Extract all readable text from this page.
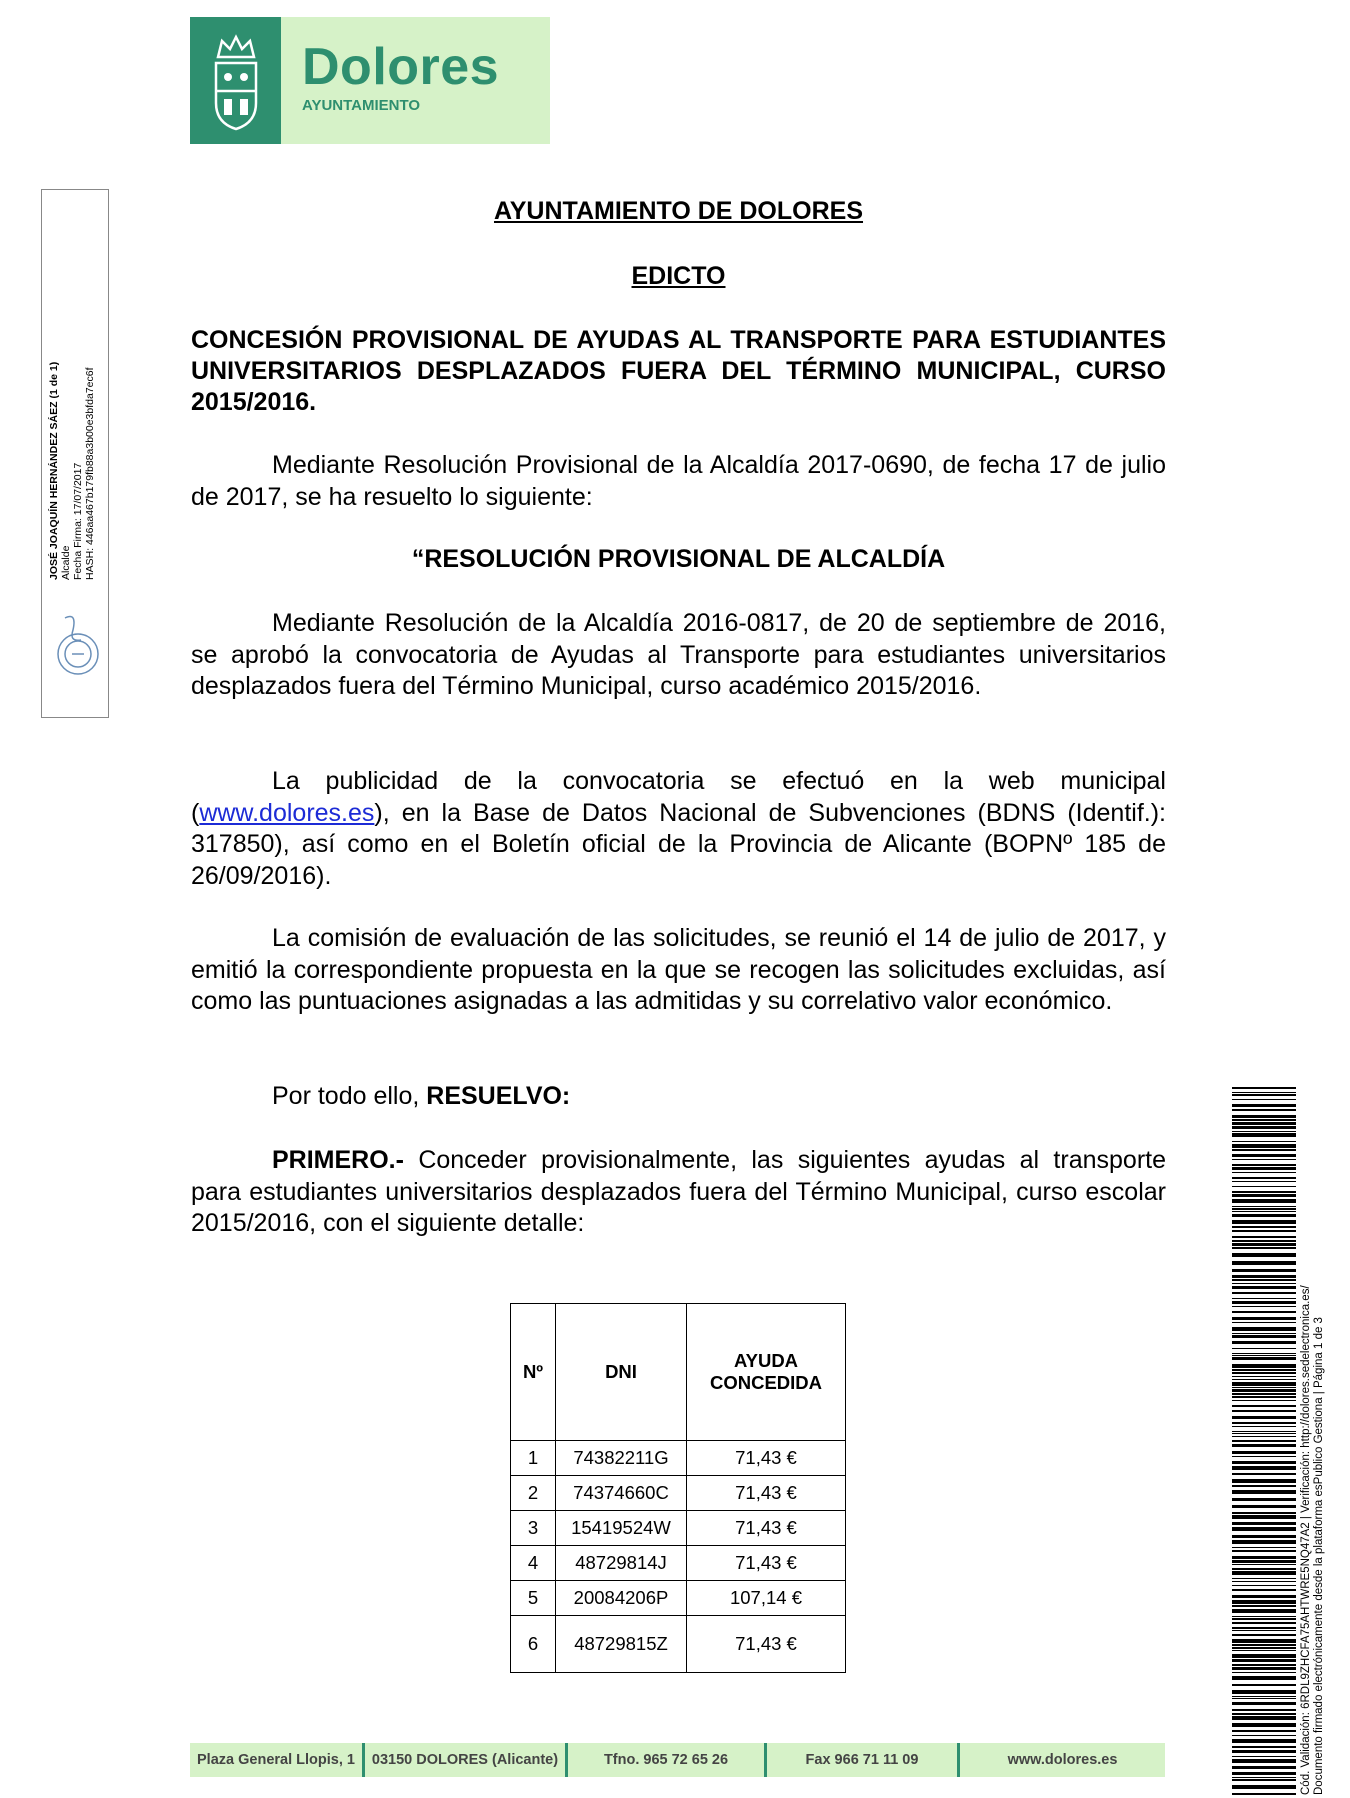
Dolores
AYUNTAMIENTO
JOSÉ JOAQUÍN HERNÁNDEZ SÁEZ (1 de 1) Alcalde Fecha Firma: 17/07/2017 HASH: 446aa467b179fb88a3b00e3bfda7ec6f
AYUNTAMIENTO DE DOLORES
EDICTO
CONCESIÓN PROVISIONAL DE AYUDAS AL TRANSPORTE PARA ESTUDIANTES UNIVERSITARIOS DESPLAZADOS FUERA DEL TÉRMINO MUNICIPAL, CURSO 2015/2016.
Mediante Resolución Provisional de la Alcaldía 2017-0690, de fecha 17 de julio de 2017, se ha resuelto lo siguiente:
“RESOLUCIÓN PROVISIONAL DE ALCALDÍA
Mediante Resolución de la Alcaldía 2016-0817, de 20 de septiembre de 2016, se aprobó la convocatoria de Ayudas al Transporte para estudiantes universitarios desplazados fuera del Término Municipal, curso académico 2015/2016.
La publicidad de la convocatoria se efectuó en la web municipal (www.dolores.es), en la Base de Datos Nacional de Subvenciones (BDNS (Identif.): 317850), así como en el Boletín oficial de la Provincia de Alicante (BOPNº 185 de 26/09/2016).
La comisión de evaluación de las solicitudes, se reunió el 14 de julio de 2017, y emitió la correspondiente propuesta en la que se recogen las solicitudes excluidas, así como las puntuaciones asignadas a las admitidas y su correlativo valor económico.
Por todo ello, RESUELVO:
PRIMERO.- Conceder provisionalmente, las siguientes ayudas al transporte para estudiantes universitarios desplazados fuera del Término Municipal, curso escolar 2015/2016, con el siguiente detalle:
Nº	DNI	AYUDA CONCEDIDA
1	74382211G	71,43 €
2	74374660C	71,43 €
3	15419524W	71,43 €
4	48729814J	71,43 €
5	20084206P	107,14 €
6	48729815Z	71,43 €	Cód. Validación: 6RDL9ZHCFA75AHTWRE5NQ47A2 | Verificación: http://dolores.sedelectronica.es/ Documento firmado electrónicamente desde la plataforma esPublico Gestiona | Página 1 de 3
Plaza General Llopis, 1	03150 DOLORES (Alicante)	Tfno. 965 72 65 26	Fax 966 71 11 09	www.dolores.es
